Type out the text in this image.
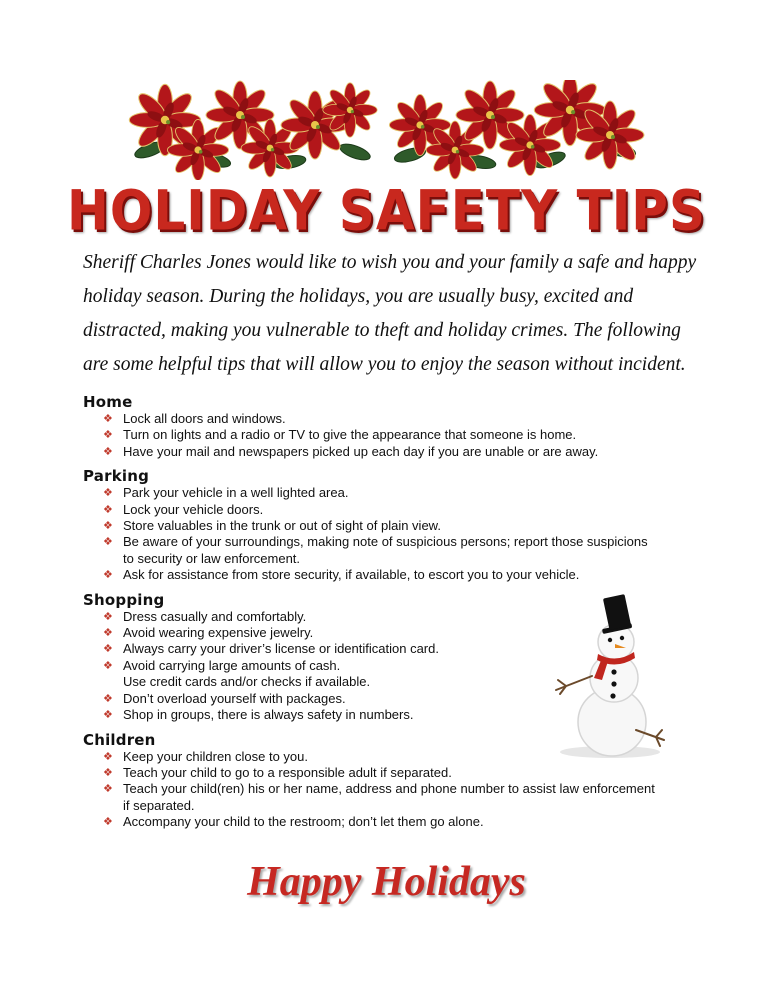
HOLIDAY SAFETY TIPS

Sheriff Charles Jones would like to wish you and your family a safe and happy holiday season. During the holidays, you are usually busy, excited and distracted, making you vulnerable to theft and holiday crimes. The following are some helpful tips that will allow you to enjoy the season without incident.

Home
❖ Lock all doors and windows.
❖ Turn on lights and a radio or TV to give the appearance that someone is home.
❖ Have your mail and newspapers picked up each day if you are unable or are away.
Parking
❖ Park your vehicle in a well lighted area.
❖ Lock your vehicle doors.
❖ Store valuables in the trunk or out of sight of plain view.
❖ Be aware of your surroundings, making note of suspicious persons; report those suspicions
to security or law enforcement.
❖ Ask for assistance from store security, if available, to escort you to your vehicle.
Shopping
❖ Dress casually and comfortably.
❖ Avoid wearing expensive jewelry.
❖ Always carry your driver’s license or identification card.
❖ Avoid carrying large amounts of cash.
Use credit cards and/or checks if available.
❖ Don’t overload yourself with packages.
❖ Shop in groups, there is always safety in numbers.
Children
❖ Keep your children close to you.
❖ Teach your child to go to a responsible adult if separated.
❖ Teach your child(ren) his or her name, address and phone number to assist law enforcement
if separated.
❖ Accompany your child to the restroom; don’t let them go alone.

Happy Holidays
